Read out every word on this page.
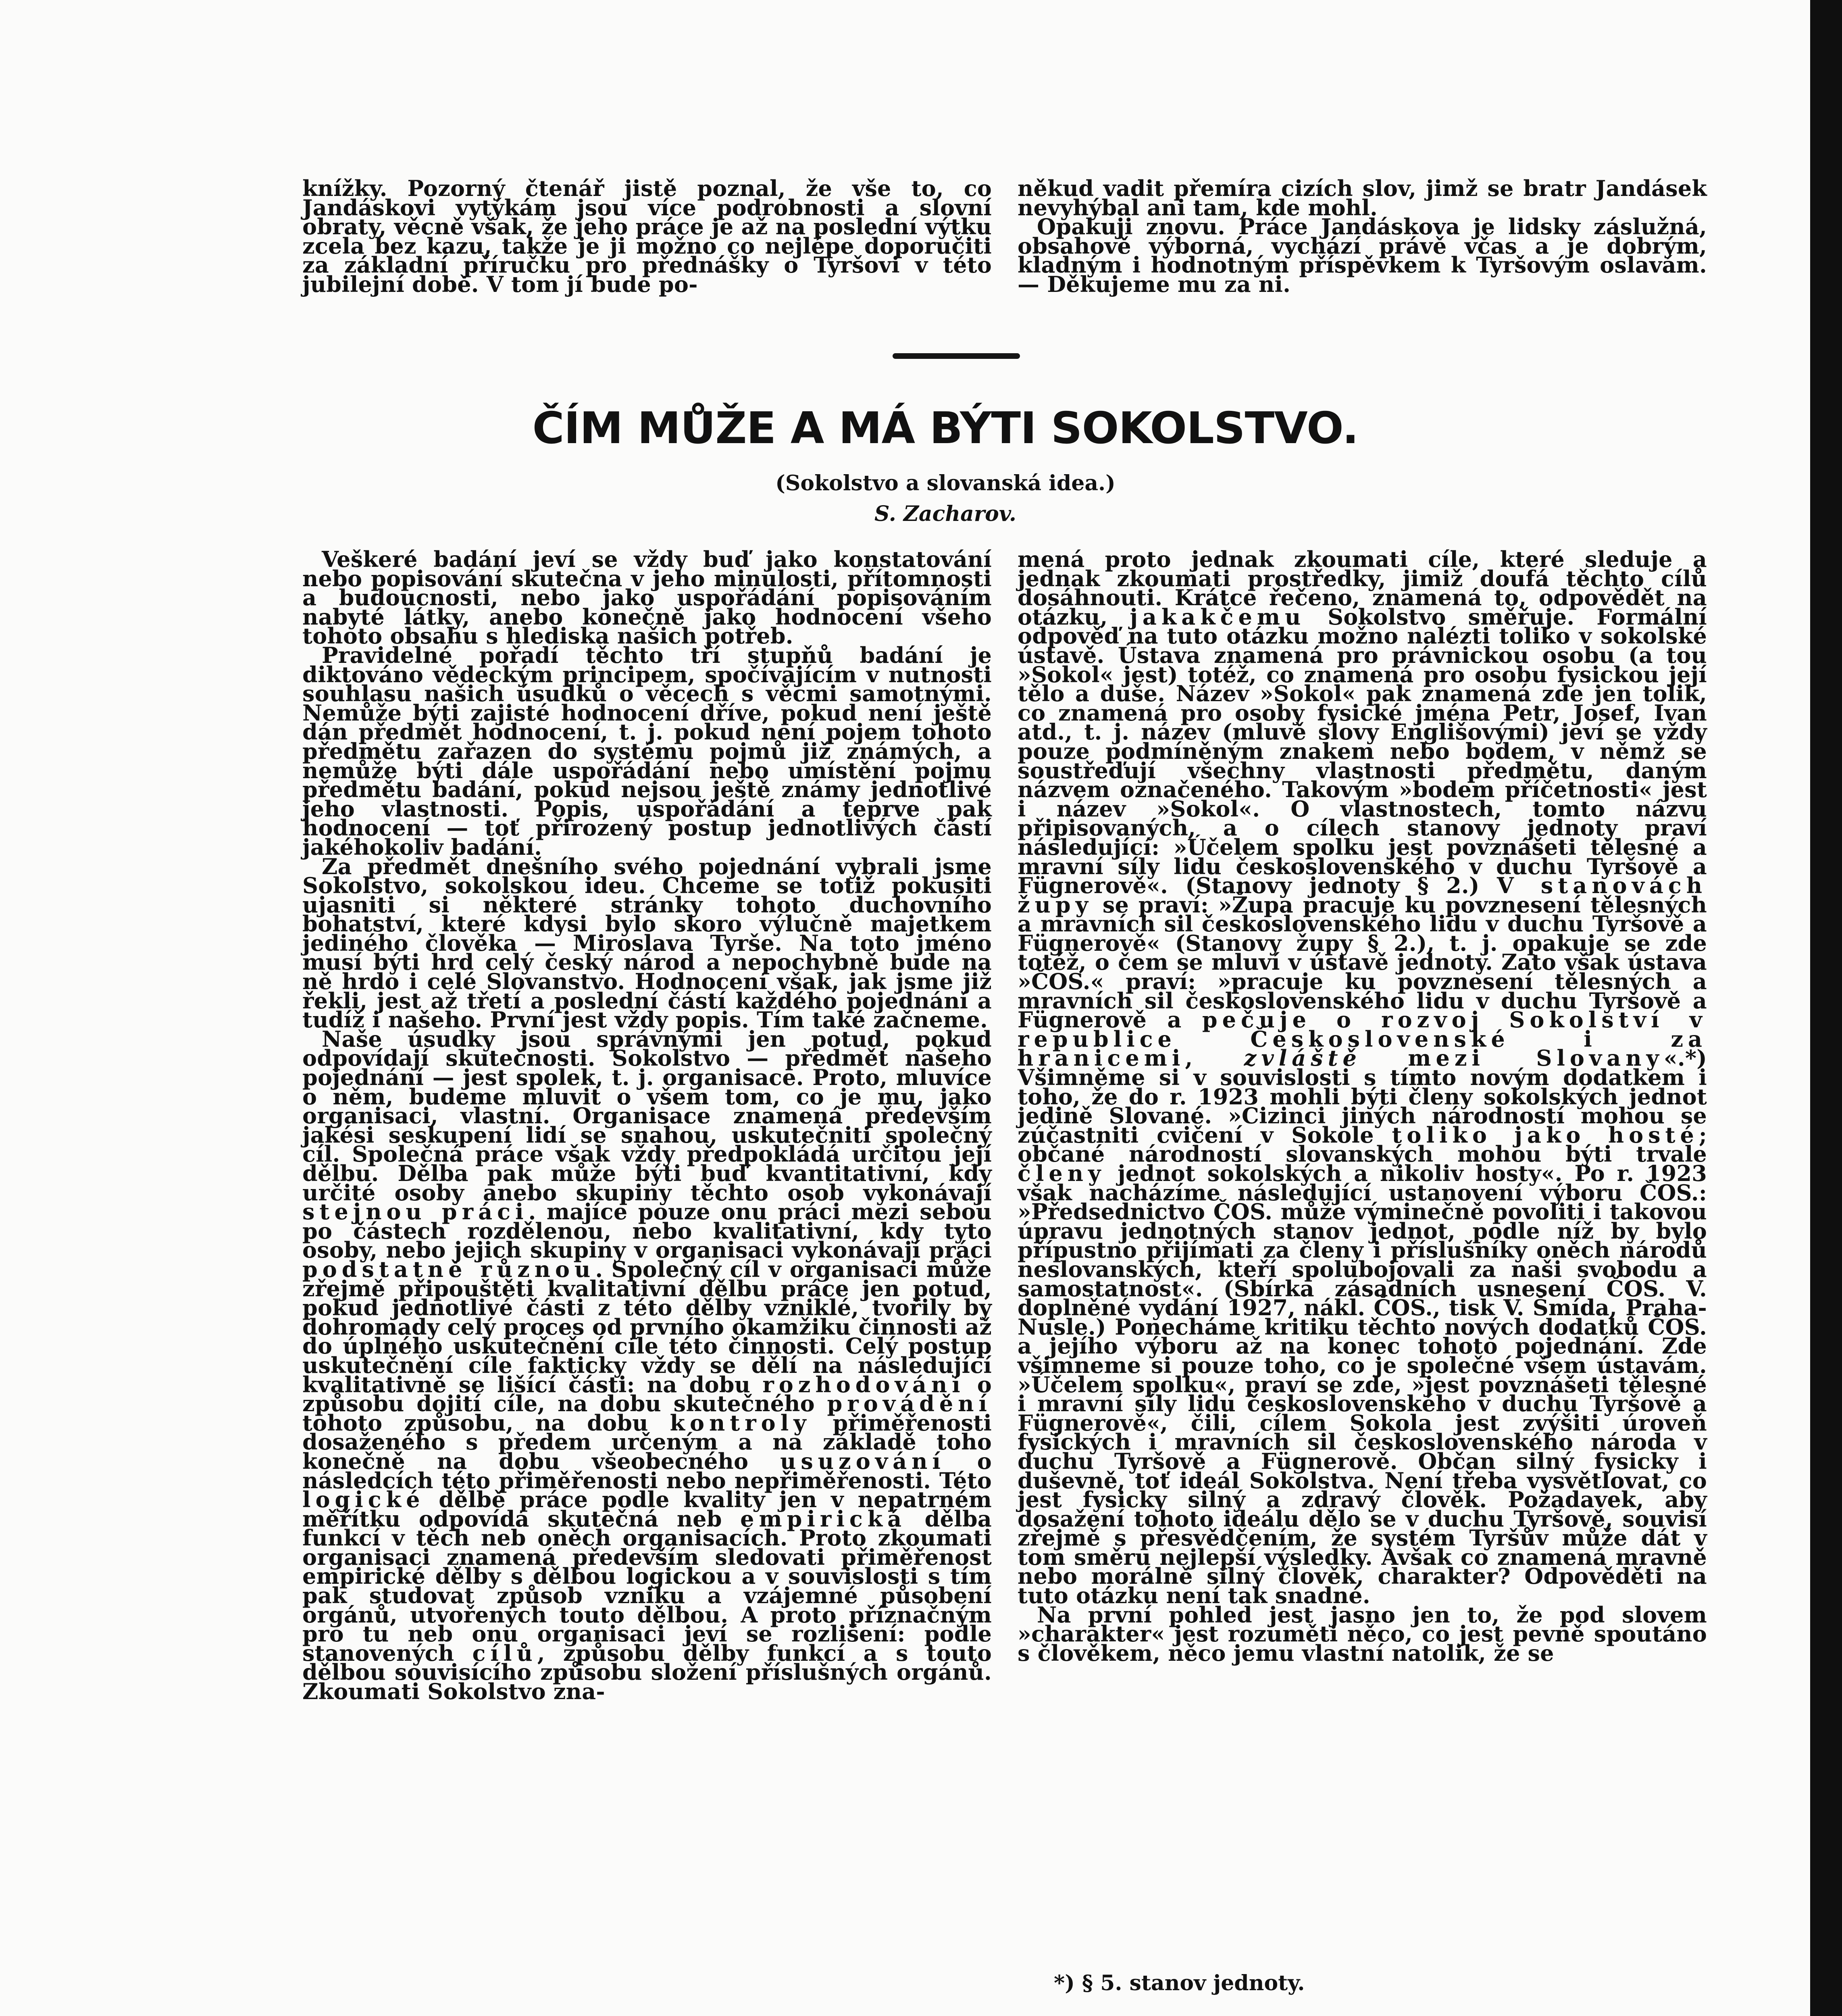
knížky. Pozorný čtenář jistě poznal, že vše to, co Jandáskovi vytýkám jsou více podrobnosti a slovní obraty, věcně však, že jeho práce je až na poslední výtku zcela bez kazu, takže je ji možno co nejlépe doporučiti za základní příručku pro přednášky o Tyršovi v této jubilejní době. V tom jí bude po-

někud vadit přemíra cizích slov, jimž se bratr Jandásek nevyhýbal ani tam, kde mohl.

Opakuji znovu. Práce Jandáskova je lidsky záslužná, obsahově výborná, vychází právě včas a je dobrým, kladným i hodnotným příspěvkem k Tyršovým oslavám. — Děkujeme mu za ni.

ČÍM MŮŽE A MÁ BÝTI SOKOLSTVO.
(Sokolstvo a slovanská idea.)
S. Zacharov.

Veškeré badání jeví se vždy buď jako konstatování nebo popisování skutečna v jeho minulosti, přítomnosti a budoucnosti, nebo jako uspořádání popisováním nabyté látky, anebo konečně jako hodnocení všeho tohoto obsahu s hlediska našich potřeb.

Pravidelné pořadí těchto tří stupňů badání je diktováno vědeckým principem, spočívajícím v nutnosti souhlasu našich úsudků o věcech s věcmi samotnými. Nemůže býti zajisté hodnocení dříve, pokud není ještě dán předmět hodnocení, t. j. pokud není pojem tohoto předmětu zařazen do systému pojmů již známých, a nemůže býti dále uspořádání nebo umístění pojmu předmětu badání, pokud nejsou ještě známy jednotlivé jeho vlastnosti. Popis, uspořádání a teprve pak hodnocení — toť přirozený postup jednotlivých částí jakéhokoliv badání.

Za předmět dnešního svého pojednání vybrali jsme Sokolstvo, sokolskou ideu. Chceme se totiž pokusiti ujasniti si některé stránky tohoto duchovního bohatství, které kdysi bylo skoro výlučně majetkem jediného člověka — Miroslava Tyrše. Na toto jméno musí býti hrd celý český národ a nepochybně bude na ně hrdo i celé Slovanstvo. Hodnocení však, jak jsme již řekli, jest až třetí a poslední částí každého pojednání a tudíž i našeho. První jest vždy popis. Tím také začneme.

Naše úsudky jsou správnými jen potud, pokud odpovídají skutečnosti. Sokolstvo — předmět našeho pojednání — jest spolek, t. j. organisace. Proto, mluvíce o něm, budeme mluvit o všem tom, co je mu, jako organisaci, vlastní. Organisace znamená především jakési seskupení lidí se snahou, uskutečniti společný cíl. Společná práce však vždy předpokládá určitou její dělbu. Dělba pak může býti buď kvantitativní, kdy určité osoby anebo skupiny těchto osob vykonávají stejnou práci. majíce pouze onu práci mezi sebou po částech rozdělenou, nebo kvalitativní, kdy tyto osoby, nebo jejich skupiny v organisaci vykonávají práci podstatně různou. Společný cíl v organisaci může zřejmě připouštěti kvalitativní dělbu práce jen potud, pokud jednotlivé části z této dělby vzniklé, tvořily by dohromady celý proces od prvního okamžiku činnosti až do úplného uskutečnění cíle této činnosti. Celý postup uskutečnění cíle fakticky vždy se dělí na následující kvalitativně se lišící části: na dobu rozhodování o způsobu dojití cíle, na dobu skutečného provádění tohoto způsobu, na dobu kontroly přiměřenosti dosaženého s předem určeným a na základě toho konečně na dobu všeobecného usuzování o následcích této přiměřenosti nebo nepřiměřenosti. Této logické dělbě práce podle kvality jen v nepatrném měřítku odpovídá skutečná neb empirická dělba funkcí v těch neb oněch organisacích. Proto zkoumati organisaci znamená především sledovati přiměřenost empirické dělby s dělbou logickou a v souvislosti s tím pak studovat způsob vzniku a vzájemné působení orgánů, utvořených touto dělbou. A proto příznačným pro tu neb onu organisaci jeví se rozlišení: podle stanovených cílů, způsobu dělby funkcí a s touto dělbou souvisícího způsobu složení příslušných orgánů. Zkoumati Sokolstvo zna-

mená proto jednak zkoumati cíle, které sleduje a jednak zkoumati prostředky, jimiž doufá těchto cílů dosáhnouti. Krátce řečeno, znamená to, odpovědět na otázku, jakakčemu Sokolstvo směřuje. Formální odpověď na tuto otázku možno nalézti toliko v sokolské ústavě. Ústava znamená pro právnickou osobu (a tou »Sokol« jest) totéž, co znamená pro osobu fysickou její tělo a duše. Název »Sokol« pak znamená zde jen tolik, co znamená pro osoby fysické jména Petr, Josef, Ivan atd., t. j. název (mluvě slovy Englišovými) jeví se vždy pouze podmíněným znakem nebo bodem, v němž se soustřeďují všechny vlastnosti předmětu, daným názvem označeného. Takovým »bodem příčetnosti« jest i název »Sokol«. O vlastnostech, tomto názvu připisovaných, a o cílech stanovy jednoty praví následující: »Účelem spolku jest povznášeti tělesné a mravní síly lidu československého v duchu Tyršově a Fügnerově«. (Stanovy jednoty § 2.) V stanovách župy se praví: »Župa pracuje ku povznesení tělesných a mravních sil československého lidu v duchu Tyršově a Fügnerově« (Stanovy župy § 2.), t. j. opakuje se zde totéž, o čem se mluví v ústavě jednoty. Zato však ústava »ČOS.« praví: »pracuje ku povznesení tělesných a mravních sil československého lidu v duchu Tyršově a Fügnerově a pečuje o rozvoj Sokolství v republice Československé i za hranicemi, zvláště mezi Slovany«.*) Všimněme si v souvislosti s tímto novým dodatkem i toho, že do r. 1923 mohli býti členy sokolských jednot jedině Slované. »Cizinci jiných národností mohou se zúčastniti cvičení v Sokole toliko jako hosté; občané národností slovanských mohou býti trvale členy jednot sokolských a nikoliv hosty«. Po r. 1923 však nacházíme následující ustanovení výboru ČOS.: »Předsednictvo ČOS. může výminečně povoliti i takovou úpravu jednotných stanov jednot, podle níž by bylo přípustno přijímati za členy i příslušníky oněch národů neslovanských, kteří spolubojovali za naši svobodu a samostatnost«. (Sbírka zásadních usnesení ČOS. V. doplněné vydání 1927, nákl. ČOS., tisk V. Šmída, Praha-Nusle.) Ponecháme kritiku těchto nových dodatků ČOS. a jejího výboru až na konec tohoto pojednání. Zde všimneme si pouze toho, co je společné všem ústavám. »Účelem spolku«, praví se zde, »jest povznášeti tělesné i mravní síly lidu československého v duchu Tyršově a Fügnerově«, čili, cílem Sokola jest zvýšiti úroveň fysických i mravních sil československého národa v duchu Tyršově a Fügnerově. Občan silný fysicky i duševně, toť ideál Sokolstva. Není třeba vysvětlovat, co jest fysicky silný a zdravý člověk. Požadavek, aby dosažení tohoto ideálu dělo se v duchu Tyršově, souvisí zřejmě s přesvědčením, že systém Tyršův může dát v tom směru nejlepší výsledky. Avšak co znamená mravně nebo morálně silný člověk, charakter? Odpověděti na tuto otázku není tak snadné.

Na první pohled jest jasno jen to, že pod slovem »charakter« jest rozuměti něco, co jest pevně spoutáno s člověkem, něco jemu vlastní natolik, že se

*) § 5. stanov jednoty.
